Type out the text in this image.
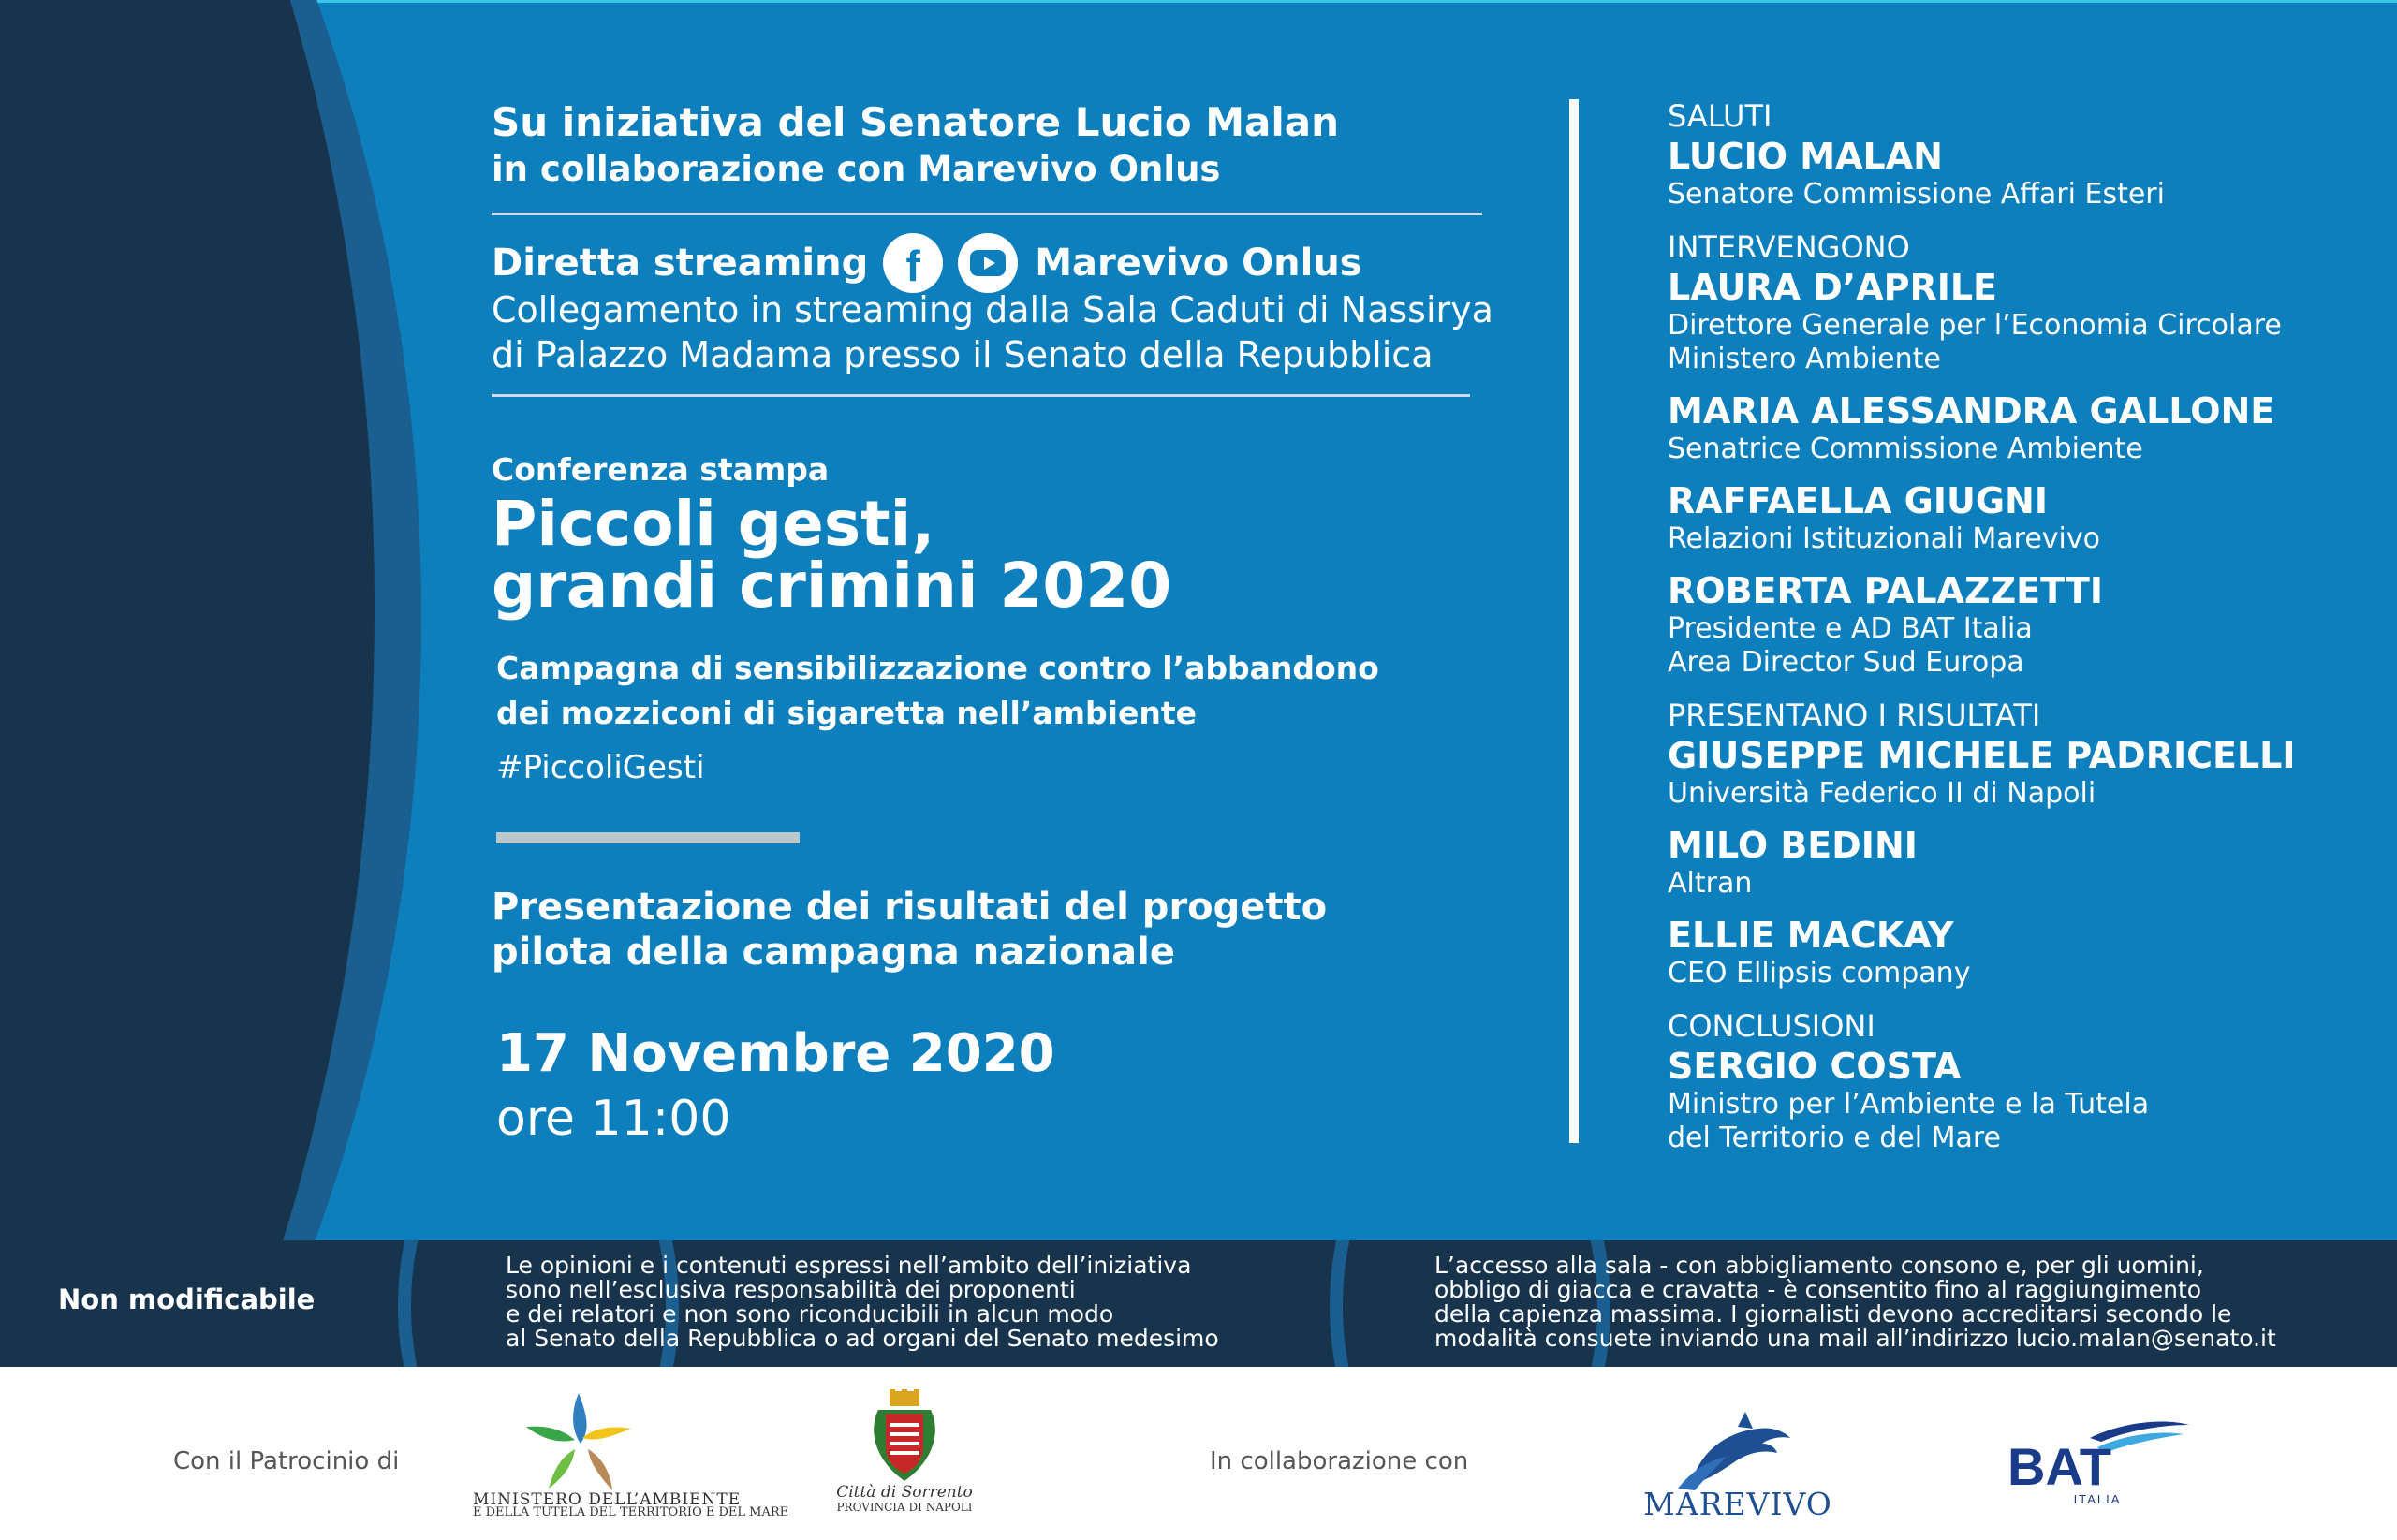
Su iniziativa del Senatore Lucio Malan
in collaborazione con Marevivo Onlus
Diretta streaming f	Marevivo Onlus
Collegamento in streaming dalla Sala Caduti di Nassirya
di Palazzo Madama presso il Senato della Repubblica
Conferenza stampa
Piccoli gesti,
grandi crimini 2020
Campagna di sensibilizzazione contro l’abbandono
dei mozziconi di sigaretta nell’ambiente
#PiccoliGesti
Presentazione dei risultati del progetto
pilota della campagna nazionale
17 Novembre 2020
ore 11:00
SALUTI
LUCIO MALAN
Senatore Commissione Affari Esteri
INTERVENGONO
LAURA D’APRILE
Direttore Generale per l’Economia Circolare
Ministero Ambiente
MARIA ALESSANDRA GALLONE
Senatrice Commissione Ambiente
RAFFAELLA GIUGNI
Relazioni Istituzionali Marevivo
ROBERTA PALAZZETTI
Presidente e AD BAT Italia
Area Director Sud Europa
PRESENTANO I RISULTATI
GIUSEPPE MICHELE PADRICELLI
Università Federico II di Napoli
MILO BEDINI
Altran
ELLIE MACKAY
CEO Ellipsis company
CONCLUSIONI
SERGIO COSTA
Ministro per l’Ambiente e la Tutela
del Territorio e del Mare
Non modificabile
Le opinioni e i contenuti espressi nell’ambito dell’iniziativa
sono nell’esclusiva responsabilità dei proponenti
e dei relatori e non sono riconducibili in alcun modo
al Senato della Repubblica o ad organi del Senato medesimo
L’accesso alla sala - con abbigliamento consono e, per gli uomini,
obbligo di giacca e cravatta - è consentito fino al raggiungimento
della capienza massima. I giornalisti devono accreditarsi secondo le
modalità consuete inviando una mail all’indirizzo lucio.malan@senato.it
Con il Patrocinio di
MINISTERO DELL’AMBIENTE
E DELLA TUTELA DEL TERRITORIO E DEL MARE
Città di Sorrento
PROVINCIA DI NAPOLI
In collaborazione con
MAREVIVO
BAT
ITALIA
